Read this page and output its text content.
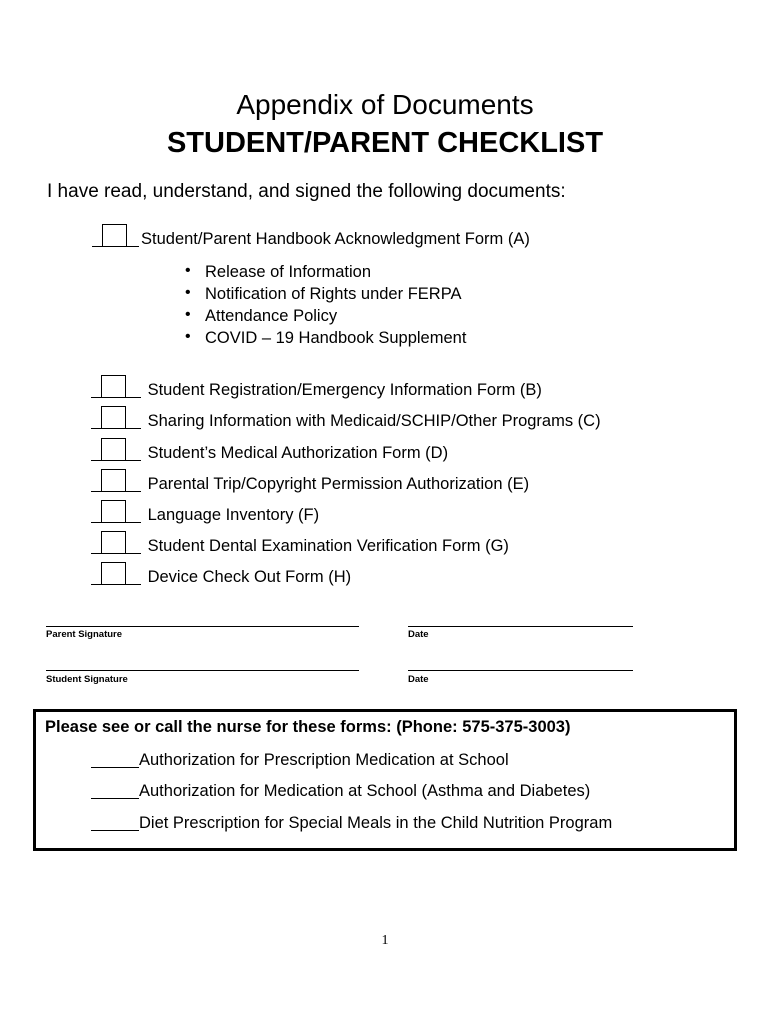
Appendix of Documents
STUDENT/PARENT CHECKLIST
I have read, understand, and signed the following documents:
Student/Parent Handbook Acknowledgment Form (A)
• Release of Information
• Notification of Rights under FERPA
• Attendance Policy
• COVID – 19 Handbook Supplement
Student Registration/Emergency Information Form (B)
Sharing Information with Medicaid/SCHIP/Other Programs (C)
Student’s Medical Authorization Form (D)
Parental Trip/Copyright Permission Authorization (E)
Language Inventory (F)
Student Dental Examination Verification Form (G)
Device Check Out Form (H)
Parent Signature	Date
Student Signature	Date
Please see or call the nurse for these forms: (Phone: 575-375-3003)
Authorization for Prescription Medication at School
Authorization for Medication at School (Asthma and Diabetes)
Diet Prescription for Special Meals in the Child Nutrition Program
1
